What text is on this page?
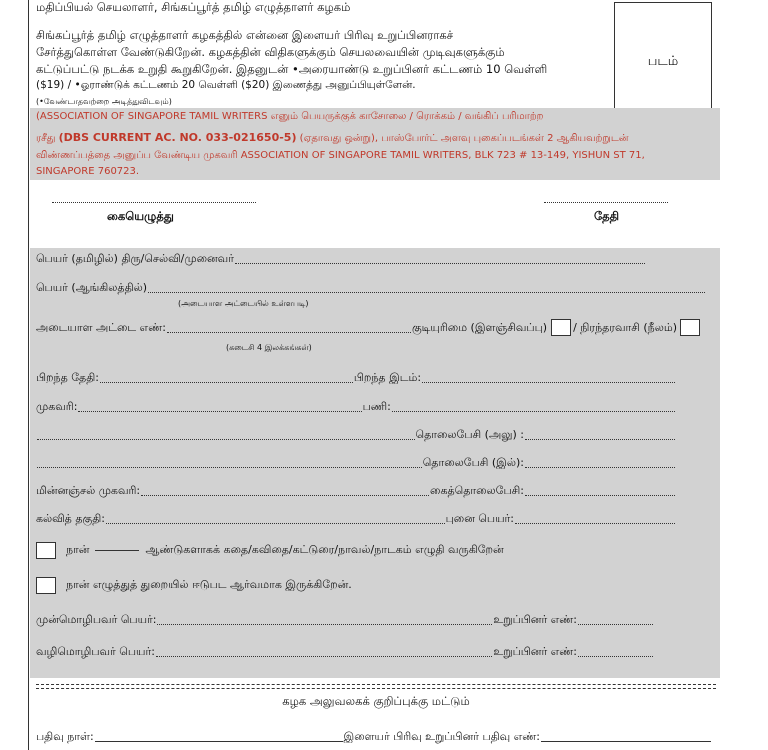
மதிப்பியல் செயலாளர், சிங்கப்பூர்த் தமிழ் எழுத்தாளர் கழகம்
படம்
சிங்கப்பூர்த் தமிழ் எழுத்தாளர் கழகத்தில் என்னை இளையர் பிரிவு உறுப்பினராகச்
சேர்த்துகொள்ள வேண்டுகிறேன். கழகத்தின் விதிகளுக்கும் செயலவையின் முடிவுகளுக்கும்
கட்டுப்பட்டு நடக்க உறுதி கூறுகிறேன். இதனுடன் •அரையாண்டு உறுப்பினர் கட்டணம் 10 வெள்ளி
($19) / •ஓராண்டுக் கட்டணம் 20 வெள்ளி ($20) இணைத்து அனுப்பியுள்ளேன்.
(•வேண்டாதவற்றை அடித்துவிடவும்)
(ASSOCIATION OF SINGAPORE TAMIL WRITERS எனும் பெயருக்குக் காசோலை / ரொக்கம் / வங்கிப் பரிமாற்ற
ரசீது (DBS CURRENT AC. NO. 033-021650-5) (ஏதாவது ஒன்று), பாஸ்போர்ட் அளவு புகைப்படங்கள் 2 ஆகியவற்றுடன்
விண்ணப்பத்தை அனுப்ப வேண்டிய முகவரி ASSOCIATION OF SINGAPORE TAMIL WRITERS, BLK 723 # 13-149, YISHUN ST 71,
SINGAPORE 760723.
கையெழுத்து	தேதி
பெயர் (தமிழில்) திரு/செல்வி/முனைவர்
பெயர் (ஆங்கிலத்தில்)
(அடையாள அட்டையில் உள்ளபடி)
அடையாள அட்டை எண்:	குடியுரிமை (இளஞ்சிவப்பு) / நிரந்தரவாசி (நீலம்)
(கடைசி 4 இலக்கங்கள்)
பிறந்த தேதி:	பிறந்த இடம்:
முகவரி:	பணி:
தொலைபேசி (அலு) :
தொலைபேசி (இல்):
மின்னஞ்சல் முகவரி:	கைத்தொலைபேசி:
கல்வித் தகுதி:	புனை பெயர்:
நான்	ஆண்டுகளாகக் கதை/கவிதை/கட்டுரை/நாவல்/நாடகம் எழுதி வருகிறேன்
நான் எழுத்துத் துறையில் ஈடுபட ஆர்வமாக இருக்கிறேன்.
முன்மொழிபவர் பெயர்:	உறுப்பினர் எண்:
வழிமொழிபவர் பெயர்:	உறுப்பினர் எண்:
கழக அலுவலகக் குறிப்புக்கு மட்டும்
பதிவு நாள்:	இளையர் பிரிவு உறுப்பினர் பதிவு எண்:
